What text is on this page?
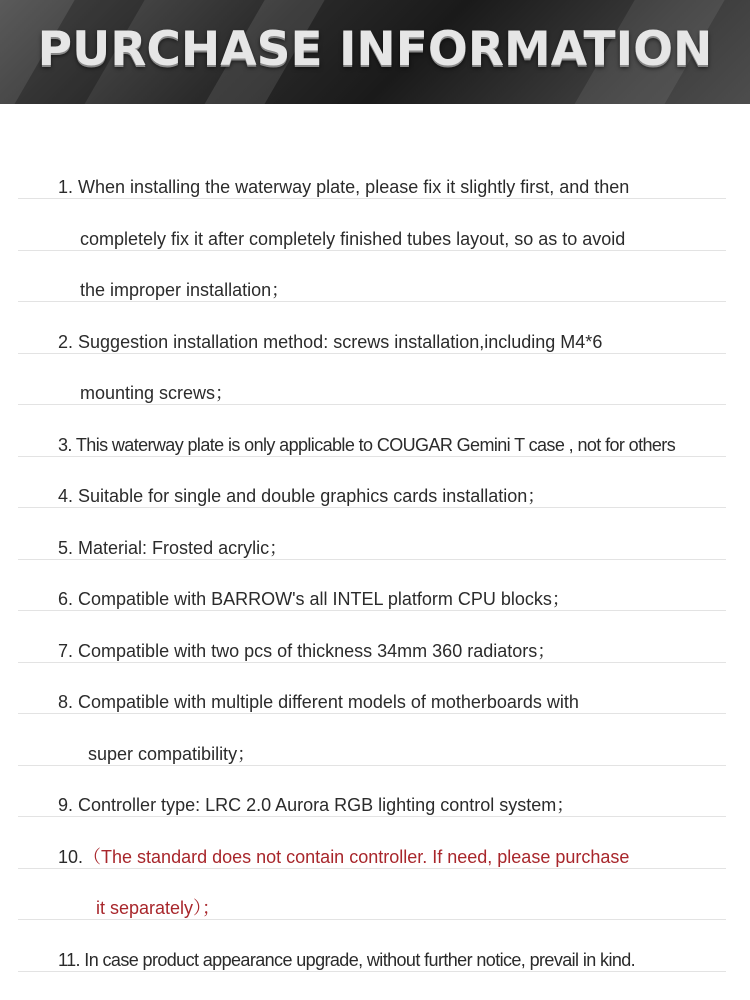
PURCHASE INFORMATION
1. When installing the waterway plate, please fix it slightly first, and then
completely fix it after completely finished tubes layout, so as to avoid
the improper installation；
2. Suggestion installation method: screws installation,including M4*6
mounting screws；
3. This waterway plate is only applicable to COUGAR Gemini T case , not for others
4. Suitable for single and double graphics cards installation；
5. Material: Frosted acrylic；
6. Compatible with BARROW's all INTEL platform CPU blocks；
7. Compatible with two pcs of thickness 34mm 360 radiators；
8. Compatible with multiple different models of motherboards with
super compatibility；
9. Controller type: LRC 2.0 Aurora RGB lighting control system；
10.（The standard does not contain controller. If need, please purchase
it separately）；
11. In case product appearance upgrade, without further notice, prevail in kind.
